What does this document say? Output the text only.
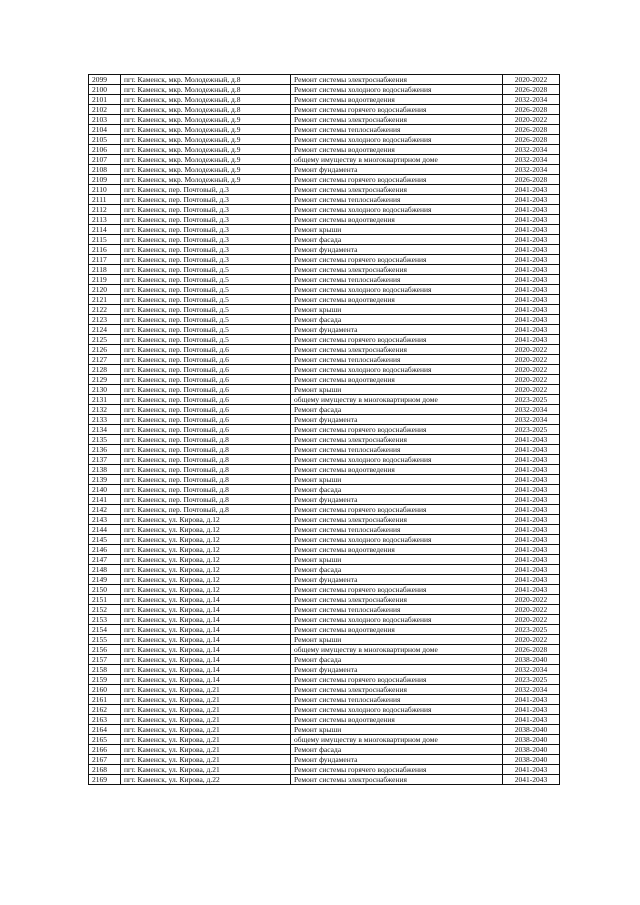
2099	пгт. Каменск, мкр. Молодежный, д.8	Ремонт системы электроснабжения	2020-2022
2100	пгт. Каменск, мкр. Молодежный, д.8	Ремонт системы холодного водоснабжения	2026-2028
2101	пгт. Каменск, мкр. Молодежный, д.8	Ремонт системы водоотведения	2032-2034
2102	пгт. Каменск, мкр. Молодежный, д.8	Ремонт системы горячего водоснабжения	2026-2028
2103	пгт. Каменск, мкр. Молодежный, д.9	Ремонт системы электроснабжения	2020-2022
2104	пгт. Каменск, мкр. Молодежный, д.9	Ремонт системы теплоснабжения	2026-2028
2105	пгт. Каменск, мкр. Молодежный, д.9	Ремонт системы холодного водоснабжения	2026-2028
2106	пгт. Каменск, мкр. Молодежный, д.9	Ремонт системы водоотведения	2032-2034
2107	пгт. Каменск, мкр. Молодежный, д.9	общему имуществу в многоквартирном доме	2032-2034
2108	пгт. Каменск, мкр. Молодежный, д.9	Ремонт фундамента	2032-2034
2109	пгт. Каменск, мкр. Молодежный, д.9	Ремонт системы горячего водоснабжения	2026-2028
2110	пгт. Каменск, пер. Почтовый, д.3	Ремонт системы электроснабжения	2041-2043
2111	пгт. Каменск, пер. Почтовый, д.3	Ремонт системы теплоснабжения	2041-2043
2112	пгт. Каменск, пер. Почтовый, д.3	Ремонт системы холодного водоснабжения	2041-2043
2113	пгт. Каменск, пер. Почтовый, д.3	Ремонт системы водоотведения	2041-2043
2114	пгт. Каменск, пер. Почтовый, д.3	Ремонт крыши	2041-2043
2115	пгт. Каменск, пер. Почтовый, д.3	Ремонт фасада	2041-2043
2116	пгт. Каменск, пер. Почтовый, д.3	Ремонт фундамента	2041-2043
2117	пгт. Каменск, пер. Почтовый, д.3	Ремонт системы горячего водоснабжения	2041-2043
2118	пгт. Каменск, пер. Почтовый, д.5	Ремонт системы электроснабжения	2041-2043
2119	пгт. Каменск, пер. Почтовый, д.5	Ремонт системы теплоснабжения	2041-2043
2120	пгт. Каменск, пер. Почтовый, д.5	Ремонт системы холодного водоснабжения	2041-2043
2121	пгт. Каменск, пер. Почтовый, д.5	Ремонт системы водоотведения	2041-2043
2122	пгт. Каменск, пер. Почтовый, д.5	Ремонт крыши	2041-2043
2123	пгт. Каменск, пер. Почтовый, д.5	Ремонт фасада	2041-2043
2124	пгт. Каменск, пер. Почтовый, д.5	Ремонт фундамента	2041-2043
2125	пгт. Каменск, пер. Почтовый, д.5	Ремонт системы горячего водоснабжения	2041-2043
2126	пгт. Каменск, пер. Почтовый, д.6	Ремонт системы электроснабжения	2020-2022
2127	пгт. Каменск, пер. Почтовый, д.6	Ремонт системы теплоснабжения	2020-2022
2128	пгт. Каменск, пер. Почтовый, д.6	Ремонт системы холодного водоснабжения	2020-2022
2129	пгт. Каменск, пер. Почтовый, д.6	Ремонт системы водоотведения	2020-2022
2130	пгт. Каменск, пер. Почтовый, д.6	Ремонт крыши	2020-2022
2131	пгт. Каменск, пер. Почтовый, д.6	общему имуществу в многоквартирном доме	2023-2025
2132	пгт. Каменск, пер. Почтовый, д.6	Ремонт фасада	2032-2034
2133	пгт. Каменск, пер. Почтовый, д.6	Ремонт фундамента	2032-2034
2134	пгт. Каменск, пер. Почтовый, д.6	Ремонт системы горячего водоснабжения	2023-2025
2135	пгт. Каменск, пер. Почтовый, д.8	Ремонт системы электроснабжения	2041-2043
2136	пгт. Каменск, пер. Почтовый, д.8	Ремонт системы теплоснабжения	2041-2043
2137	пгт. Каменск, пер. Почтовый, д.8	Ремонт системы холодного водоснабжения	2041-2043
2138	пгт. Каменск, пер. Почтовый, д.8	Ремонт системы водоотведения	2041-2043
2139	пгт. Каменск, пер. Почтовый, д.8	Ремонт крыши	2041-2043
2140	пгт. Каменск, пер. Почтовый, д.8	Ремонт фасада	2041-2043
2141	пгт. Каменск, пер. Почтовый, д.8	Ремонт фундамента	2041-2043
2142	пгт. Каменск, пер. Почтовый, д.8	Ремонт системы горячего водоснабжения	2041-2043
2143	пгт. Каменск, ул. Кирова, д.12	Ремонт системы электроснабжения	2041-2043
2144	пгт. Каменск, ул. Кирова, д.12	Ремонт системы теплоснабжения	2041-2043
2145	пгт. Каменск, ул. Кирова, д.12	Ремонт системы холодного водоснабжения	2041-2043
2146	пгт. Каменск, ул. Кирова, д.12	Ремонт системы водоотведения	2041-2043
2147	пгт. Каменск, ул. Кирова, д.12	Ремонт крыши	2041-2043
2148	пгт. Каменск, ул. Кирова, д.12	Ремонт фасада	2041-2043
2149	пгт. Каменск, ул. Кирова, д.12	Ремонт фундамента	2041-2043
2150	пгт. Каменск, ул. Кирова, д.12	Ремонт системы горячего водоснабжения	2041-2043
2151	пгт. Каменск, ул. Кирова, д.14	Ремонт системы электроснабжения	2020-2022
2152	пгт. Каменск, ул. Кирова, д.14	Ремонт системы теплоснабжения	2020-2022
2153	пгт. Каменск, ул. Кирова, д.14	Ремонт системы холодного водоснабжения	2020-2022
2154	пгт. Каменск, ул. Кирова, д.14	Ремонт системы водоотведения	2023-2025
2155	пгт. Каменск, ул. Кирова, д.14	Ремонт крыши	2020-2022
2156	пгт. Каменск, ул. Кирова, д.14	общему имуществу в многоквартирном доме	2026-2028
2157	пгт. Каменск, ул. Кирова, д.14	Ремонт фасада	2038-2040
2158	пгт. Каменск, ул. Кирова, д.14	Ремонт фундамента	2032-2034
2159	пгт. Каменск, ул. Кирова, д.14	Ремонт системы горячего водоснабжения	2023-2025
2160	пгт. Каменск, ул. Кирова, д.21	Ремонт системы электроснабжения	2032-2034
2161	пгт. Каменск, ул. Кирова, д.21	Ремонт системы теплоснабжения	2041-2043
2162	пгт. Каменск, ул. Кирова, д.21	Ремонт системы холодного водоснабжения	2041-2043
2163	пгт. Каменск, ул. Кирова, д.21	Ремонт системы водоотведения	2041-2043
2164	пгт. Каменск, ул. Кирова, д.21	Ремонт крыши	2038-2040
2165	пгт. Каменск, ул. Кирова, д.21	общему имуществу в многоквартирном доме	2038-2040
2166	пгт. Каменск, ул. Кирова, д.21	Ремонт фасада	2038-2040
2167	пгт. Каменск, ул. Кирова, д.21	Ремонт фундамента	2038-2040
2168	пгт. Каменск, ул. Кирова, д.21	Ремонт системы горячего водоснабжения	2041-2043
2169	пгт. Каменск, ул. Кирова, д.22	Ремонт системы электроснабжения	2041-2043
